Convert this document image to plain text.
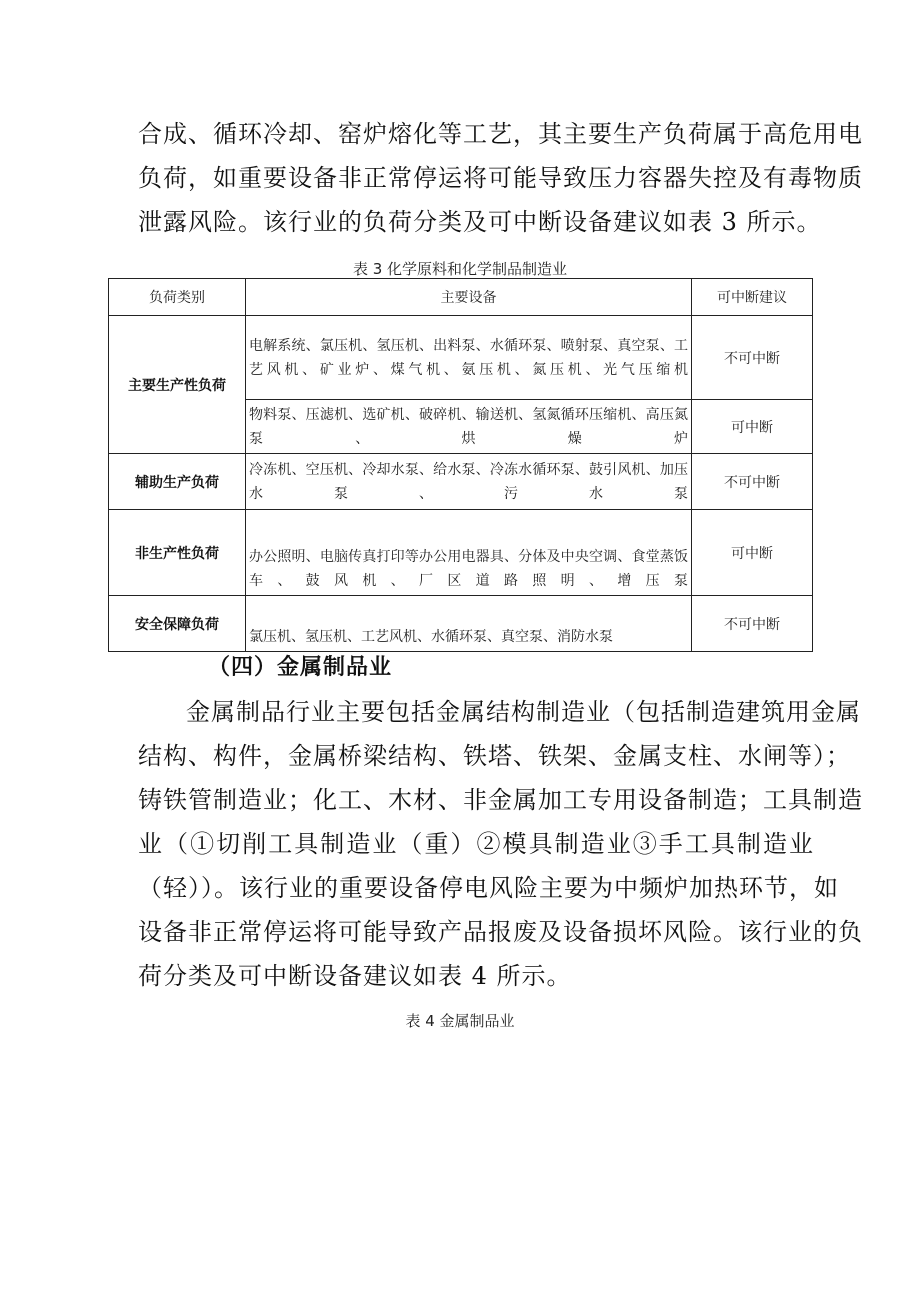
合成、循环冷却、窑炉熔化等工艺，其主要生产负荷属于高危用电
负荷，如重要设备非正常停运将可能导致压力容器失控及有毒物质
泄露风险。该行业的负荷分类及可中断设备建议如表 3 所示。

表 3 化学原料和化学制品制造业
负荷类别	主要设备	可中断建议
主要生产性负荷	电解系统、氯压机、氢压机、出料泵、水循环泵、喷射泵、真空泵、工艺风机、矿业炉、煤气机、氨压机、氮压机、光气压缩机	不可中断
	物料泵、压滤机、选矿机、破碎机、输送机、氢氮循环压缩机、高压氮泵、烘燥炉	可中断
辅助生产负荷	冷冻机、空压机、冷却水泵、给水泵、冷冻水循环泵、鼓引风机、加压水泵、污水泵	不可中断
非生产性负荷	办公照明、电脑传真打印等办公用电器具、分体及中央空调、食堂蒸饭车、鼓风机、厂区道路照明、增压泵	可中断
安全保障负荷	氯压机、氢压机、工艺风机、水循环泵、真空泵、消防水泵	不可中断
（四）金属制品业

金属制品行业主要包括金属结构制造业（包括制造建筑用金属
结构、构件，金属桥梁结构、铁塔、铁架、金属支柱、水闸等）；
铸铁管制造业；化工、木材、非金属加工专用设备制造；工具制造
业（①切削工具制造业（重）②模具制造业③手工具制造业
（轻））。该行业的重要设备停电风险主要为中频炉加热环节，如
设备非正常停运将可能导致产品报废及设备损坏风险。该行业的负
荷分类及可中断设备建议如表 4 所示。

表 4 金属制品业
